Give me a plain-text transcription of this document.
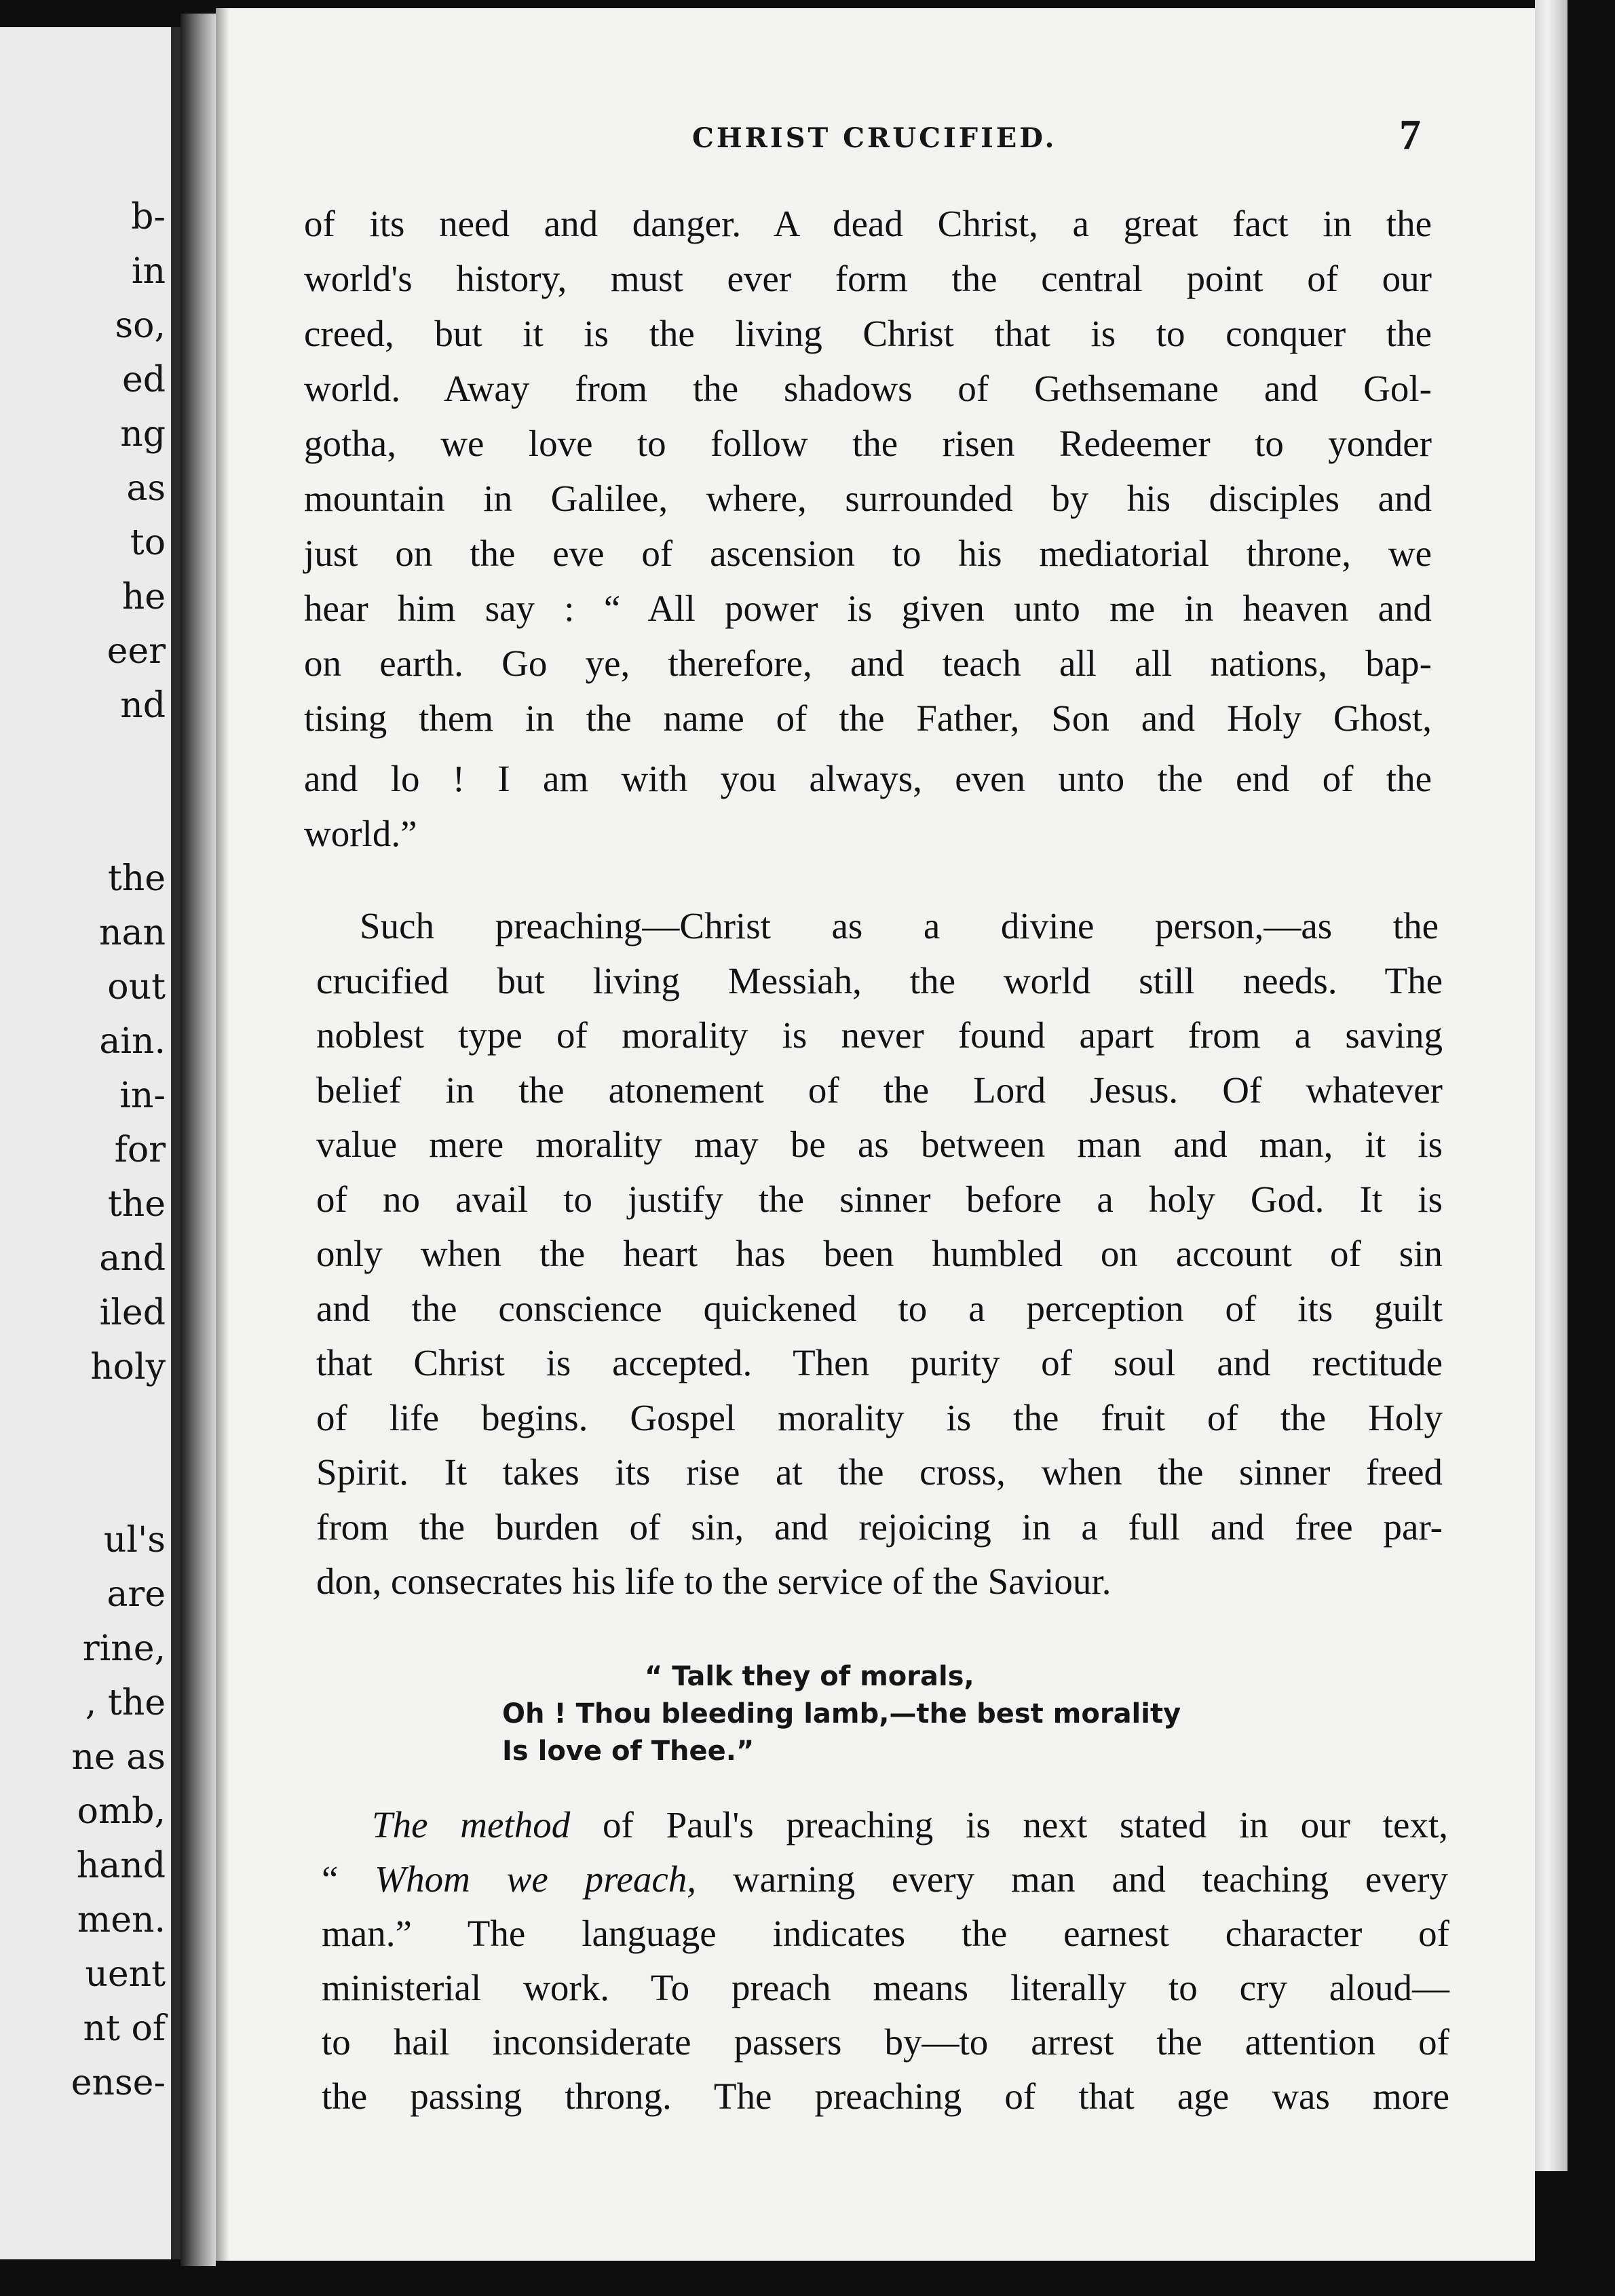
b-
in
so,
ed
ng
as
to
he
eer
nd
the
nan
out
ain.
in-
for
the
and
iled
holy
ul's
are
rine,
, the
ne as
omb,
hand
men.
uent
nt of
ense-
CHRIST CRUCIFIED.	7
of its need and danger. A dead Christ, a great fact in the
world's history, must ever form the central point of our
creed, but it is the living Christ that is to conquer the
world. Away from the shadows of Gethsemane and Gol-
gotha, we love to follow the risen Redeemer to yonder
mountain in Galilee, where, surrounded by his disciples and
just on the eve of ascension to his mediatorial throne, we
hear him say : “ All power is given unto me in heaven and
on earth. Go ye, therefore, and teach all all nations, bap-
tising them in the name of the Father, Son and Holy Ghost,
and lo ! I am with you always, even unto the end of the
world.”
Such preaching—Christ as a divine person,—as the
crucified but living Messiah, the world still needs. The
noblest type of morality is never found apart from a saving
belief in the atonement of the Lord Jesus. Of whatever
value mere morality may be as between man and man, it is
of no avail to justify the sinner before a holy God. It is
only when the heart has been humbled on account of sin
and the conscience quickened to a perception of its guilt
that Christ is accepted. Then purity of soul and rectitude
of life begins. Gospel morality is the fruit of the Holy
Spirit. It takes its rise at the cross, when the sinner freed
from the burden of sin, and rejoicing in a full and free par-
don, consecrates his life to the service of the Saviour.
“ Talk they of morals,
Oh ! Thou bleeding lamb,—the best morality
Is love of Thee.”
The method of Paul's preaching is next stated in our text,
“ Whom we preach, warning every man and teaching every
man.” The language indicates the earnest character of
ministerial work. To preach means literally to cry aloud—
to hail inconsiderate passers by—to arrest the attention of
the passing throng. The preaching of that age was more
